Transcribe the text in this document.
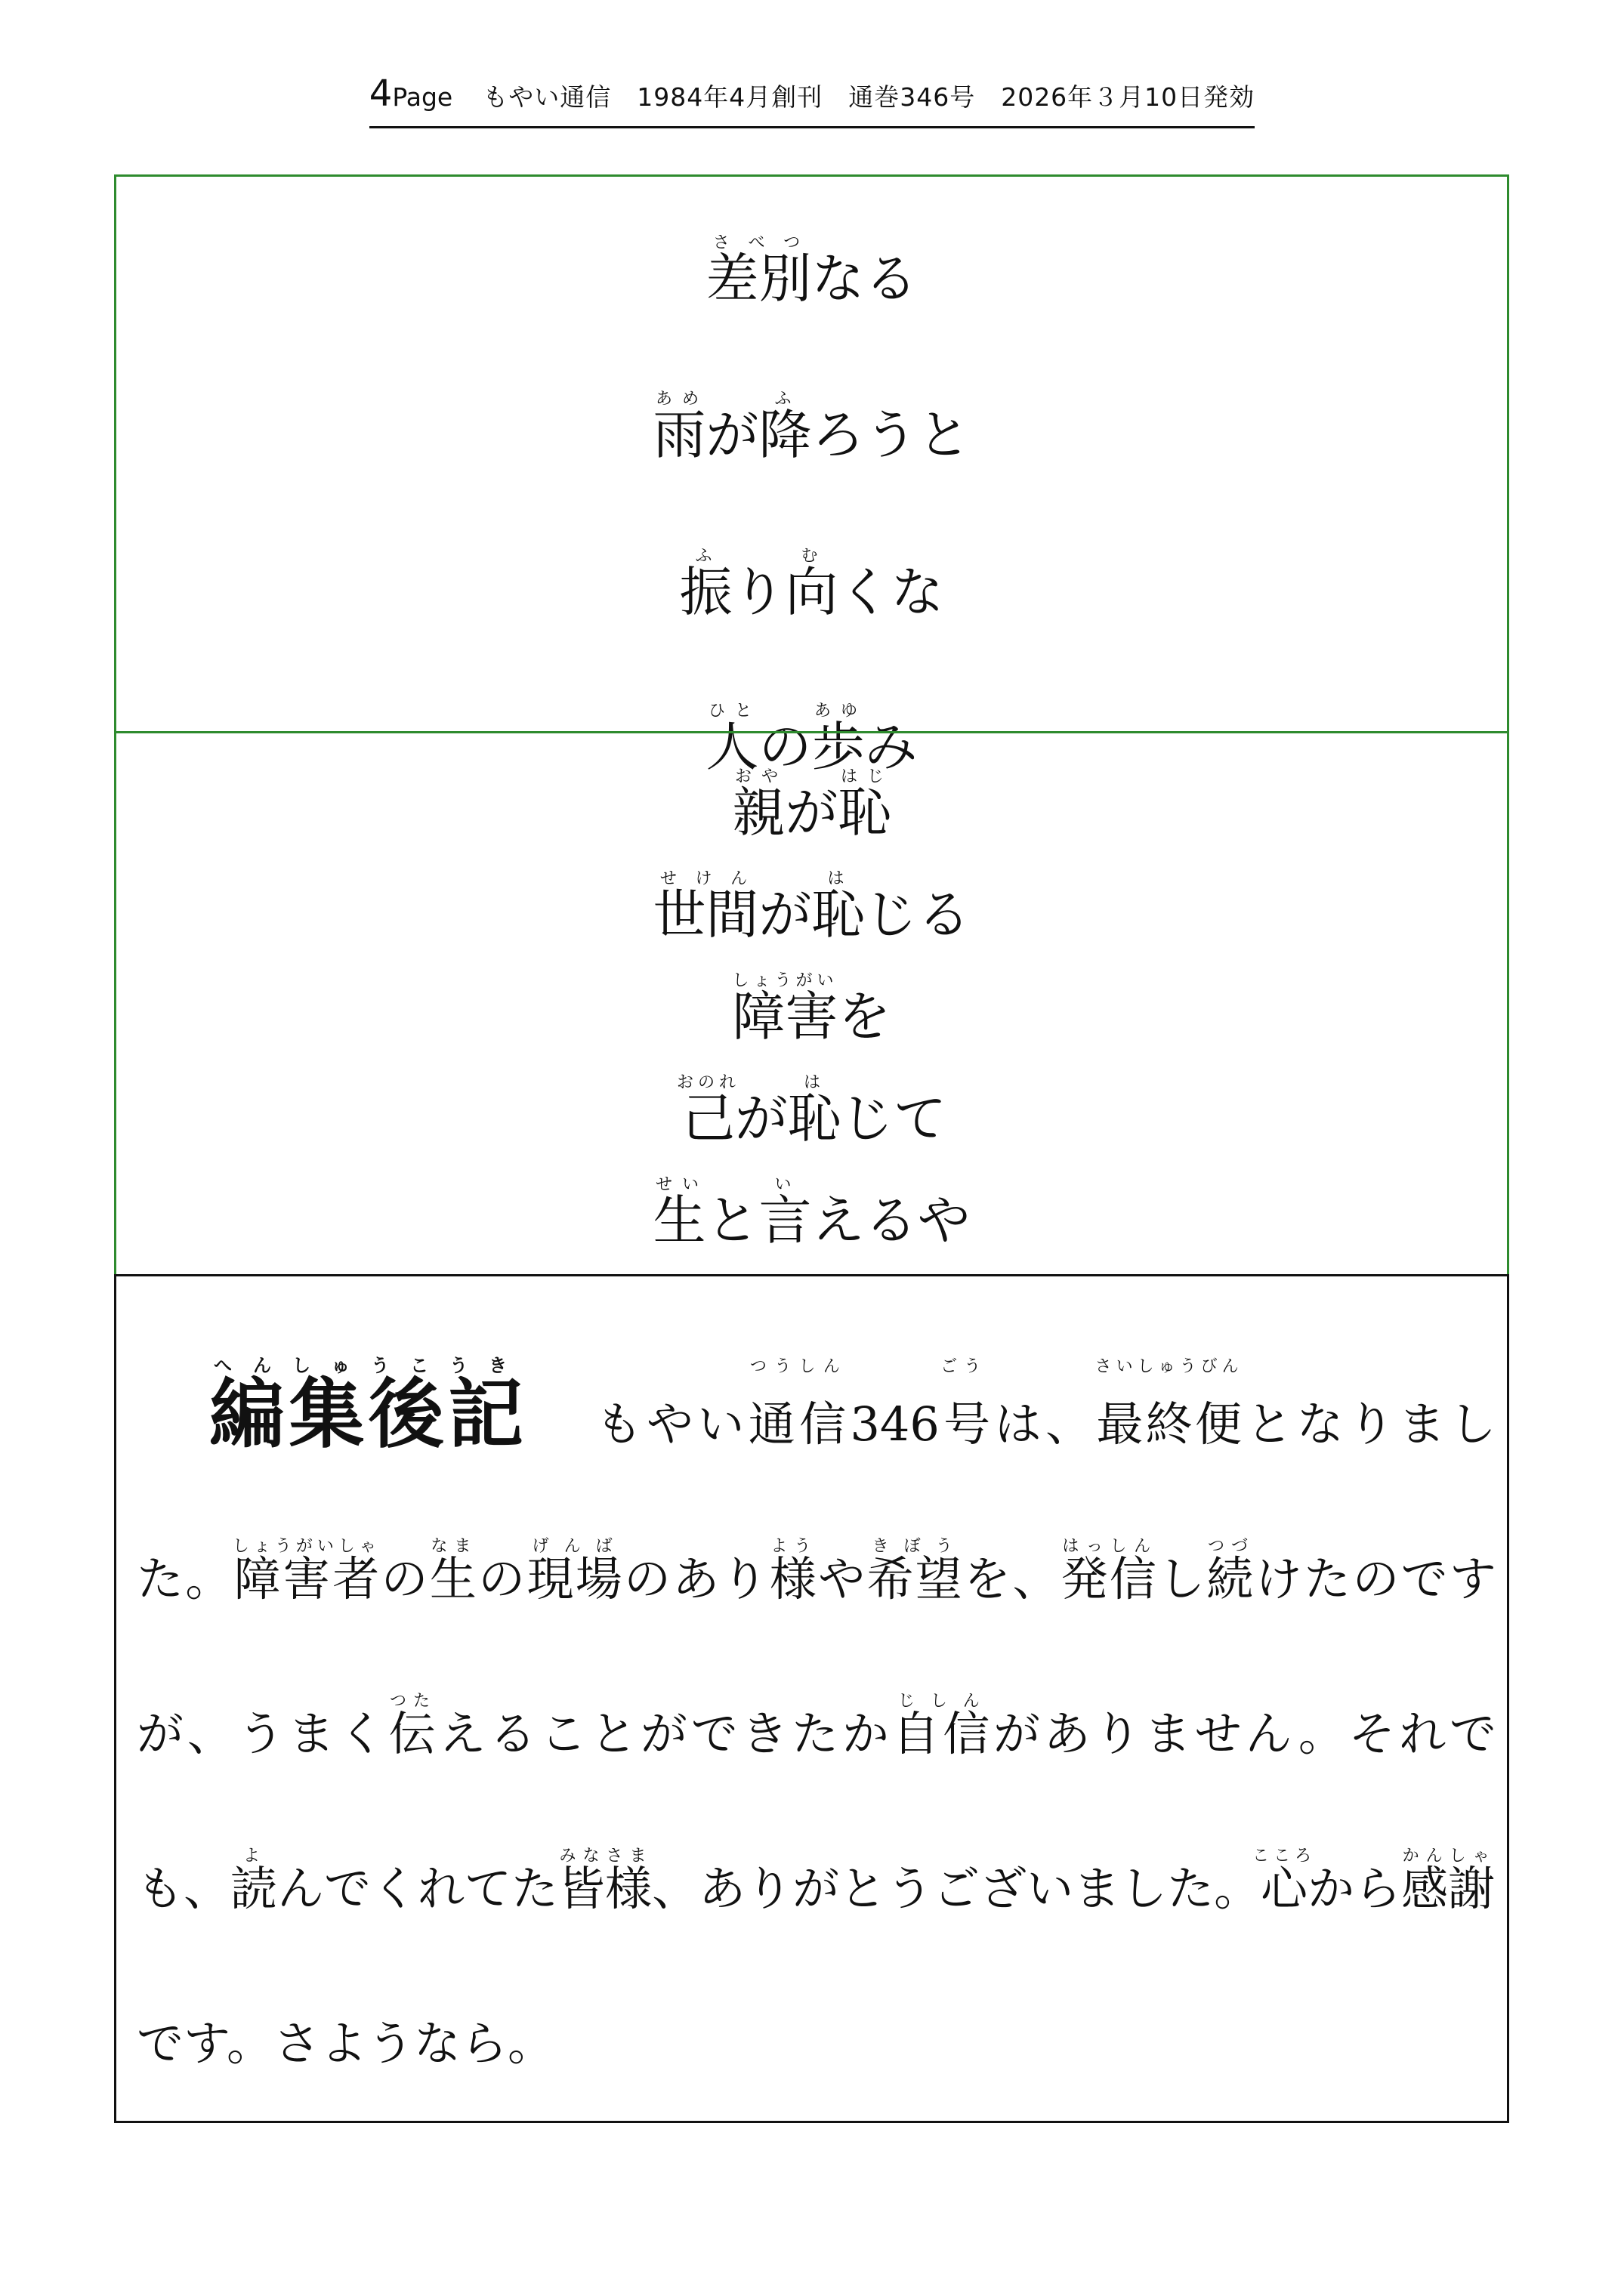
4 Page もやい通信　1984年4月創刊　通巻346号　2026年３月10日発効
差別さべつなる
雨あめが降ふろうと
振ふり向むくな
人ひとの歩あゆみ
親おやが恥はじ
世間せけんが恥はじる
障害しょうがいを
己おのれが恥はじて
生せいと言いえるや

編集後記へんしゅうこうきもやい通信つうしん346号ごうは、最終便さいしゅうびんとなりました。障害者しょうがいしゃの生なまの現場げんばのあり様ようや希望きぼうを、発信はっしんし続つづけたのですが、うまく伝つたえることができたか自信じしんがありません。それでも、読よんでくれてた皆様みなさま、ありがとうございました。心こころから感謝かんしゃです。さようなら。
